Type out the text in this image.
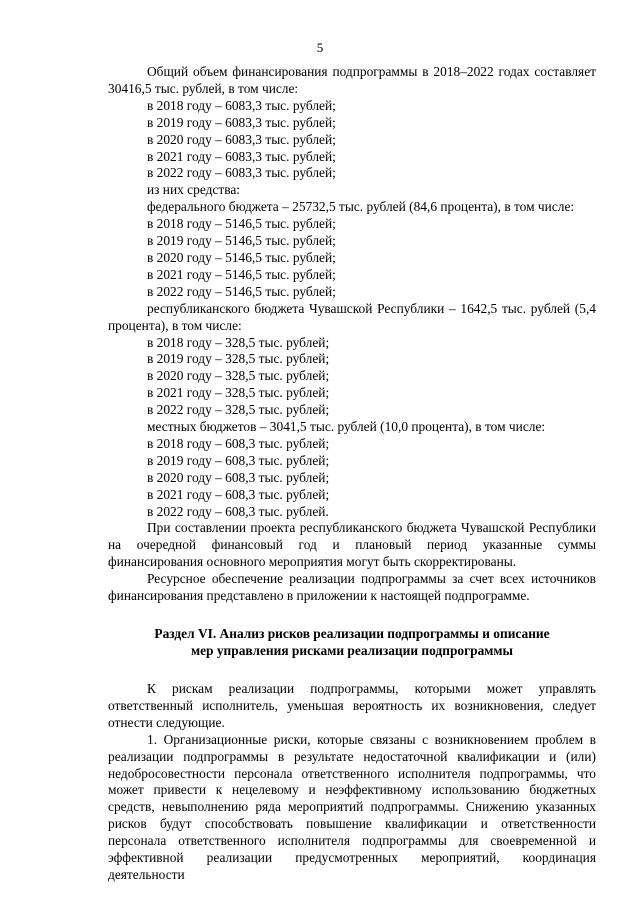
5

Общий объем финансирования подпрограммы в 2018–2022 годах составляет 30416,5 тыс. рублей, в том числе:

в 2018 году – 6083,3 тыс. рублей;

в 2019 году – 6083,3 тыс. рублей;

в 2020 году – 6083,3 тыс. рублей;

в 2021 году – 6083,3 тыс. рублей;

в 2022 году – 6083,3 тыс. рублей;

из них средства:

федерального бюджета – 25732,5 тыс. рублей (84,6 процента), в том числе:

в 2018 году – 5146,5 тыс. рублей;

в 2019 году – 5146,5 тыс. рублей;

в 2020 году – 5146,5 тыс. рублей;

в 2021 году – 5146,5 тыс. рублей;

в 2022 году – 5146,5 тыс. рублей;

республиканского бюджета Чувашской Республики – 1642,5 тыс. рублей (5,4 процента), в том числе:

в 2018 году – 328,5 тыс. рублей;

в 2019 году – 328,5 тыс. рублей;

в 2020 году – 328,5 тыс. рублей;

в 2021 году – 328,5 тыс. рублей;

в 2022 году – 328,5 тыс. рублей;

местных бюджетов – 3041,5 тыс. рублей (10,0 процента), в том числе:

в 2018 году – 608,3 тыс. рублей;

в 2019 году – 608,3 тыс. рублей;

в 2020 году – 608,3 тыс. рублей;

в 2021 году – 608,3 тыс. рублей;

в 2022 году – 608,3 тыс. рублей.

При составлении проекта республиканского бюджета Чувашской Республики на очередной финансовый год и плановый период указанные суммы финансирования основного мероприятия могут быть скорректированы.

Ресурсное обеспечение реализации подпрограммы за счет всех источников финансирования представлено в приложении к настоящей подпрограмме.

Раздел VI. Анализ рисков реализации подпрограммы и описание
мер управления рисками реализации подпрограммы

К рискам реализации подпрограммы, которыми может управлять ответственный исполнитель, уменьшая вероятность их возникновения, следует отнести следующие.

1. Организационные риски, которые связаны с возникновением проблем в реализации подпрограммы в результате недостаточной квалификации и (или) недобросовестности персонала ответственного исполнителя подпрограммы, что может привести к нецелевому и неэффективному использованию бюджетных средств, невыполнению ряда мероприятий подпрограммы. Снижению указанных рисков будут способствовать повышение квалификации и ответственности персонала ответственного исполнителя подпрограммы для своевременной и эффективной реализации предусмотренных мероприятий, координация деятельности
